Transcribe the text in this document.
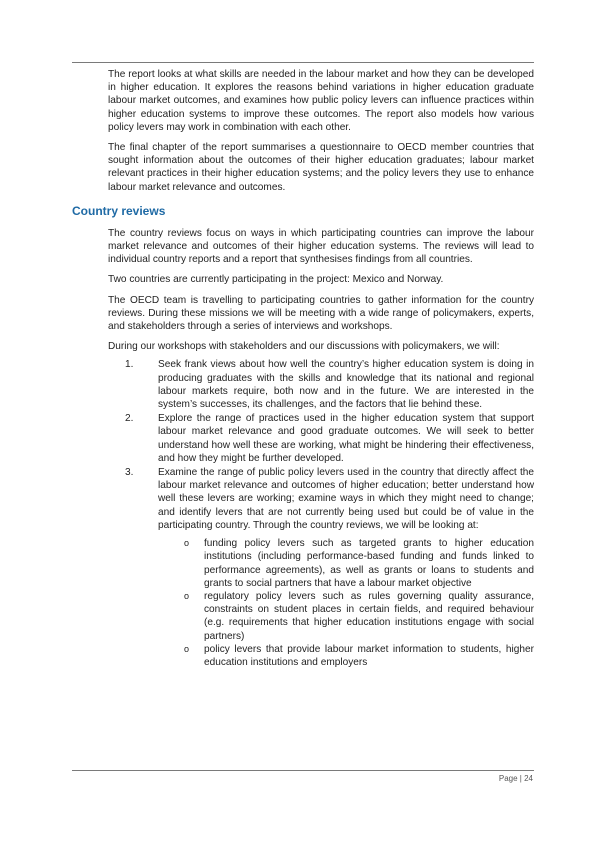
The report looks at what skills are needed in the labour market and how they can be developed in higher education. It explores the reasons behind variations in higher education graduate labour market outcomes, and examines how public policy levers can influence practices within higher education systems to improve these outcomes. The report also models how various policy levers may work in combination with each other.

The final chapter of the report summarises a questionnaire to OECD member countries that sought information about the outcomes of their higher education graduates; labour market relevant practices in their higher education systems; and the policy levers they use to enhance labour market relevance and outcomes.

Country reviews

The country reviews focus on ways in which participating countries can improve the labour market relevance and outcomes of their higher education systems. The reviews will lead to individual country reports and a report that synthesises findings from all countries.

Two countries are currently participating in the project: Mexico and Norway.

The OECD team is travelling to participating countries to gather information for the country reviews. During these missions we will be meeting with a wide range of policymakers, experts, and stakeholders through a series of interviews and workshops.

During our workshops with stakeholders and our discussions with policymakers, we will:

1. Seek frank views about how well the country’s higher education system is doing in producing graduates with the skills and knowledge that its national and regional labour markets require, both now and in the future. We are interested in the system’s successes, its challenges, and the factors that lie behind these.
2. Explore the range of practices used in the higher education system that support labour market relevance and good graduate outcomes. We will seek to better understand how well these are working, what might be hindering their effectiveness, and how they might be further developed.
3. Examine the range of public policy levers used in the country that directly affect the labour market relevance and outcomes of higher education; better understand how well these levers are working; examine ways in which they might need to change; and identify levers that are not currently being used but could be of value in the participating country. Through the country reviews, we will be looking at:
o funding policy levers such as targeted grants to higher education institutions (including performance-based funding and funds linked to performance agreements), as well as grants or loans to students and grants to social partners that have a labour market objective
o regulatory policy levers such as rules governing quality assurance, constraints on student places in certain fields, and required behaviour (e.g. requirements that higher education institutions engage with social partners)
o policy levers that provide labour market information to students, higher education institutions and employers
Page | 24
